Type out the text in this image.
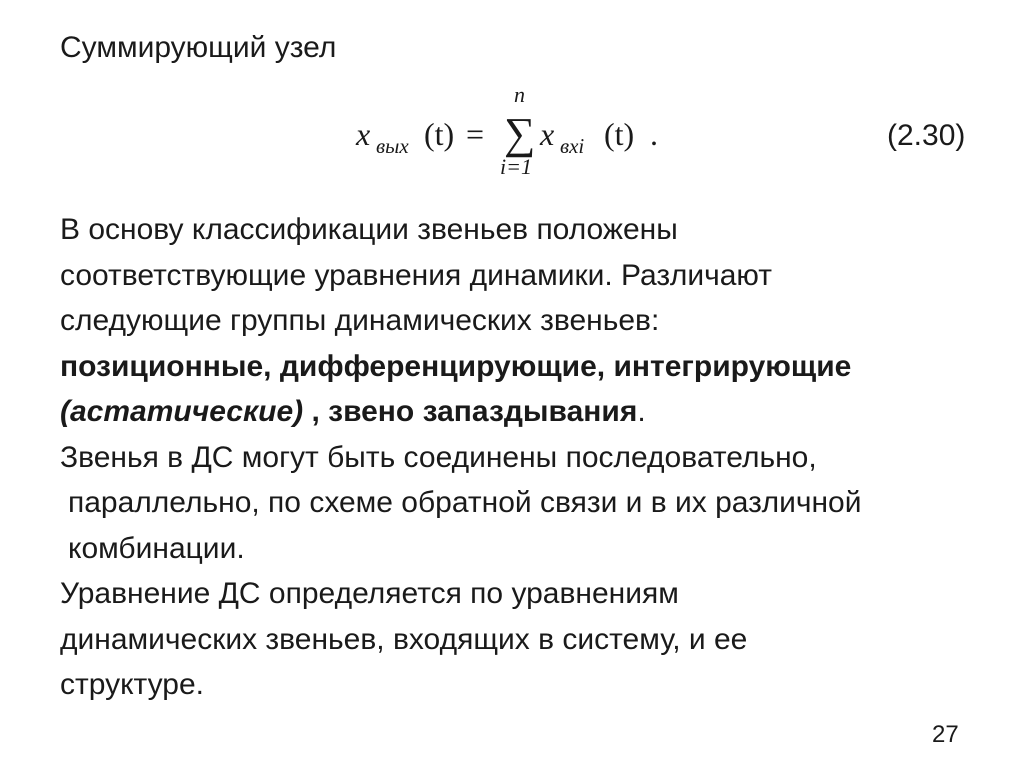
Суммирующий узел
x вых (t) =
n
∑
i=1
x вхi (t) .	(2.30)
В основу классификации звеньев положены
соответствующие уравнения динамики. Различают
следующие группы динамических звеньев:
позиционные, дифференцирующие, интегрирующие
(астатические) , звено запаздывания.
Звенья в ДС могут быть соединены последовательно,
параллельно, по схеме обратной связи и в их различной
комбинации.
Уравнение ДС определяется по уравнениям
динамических звеньев, входящих в систему, и ее
структуре.
27
